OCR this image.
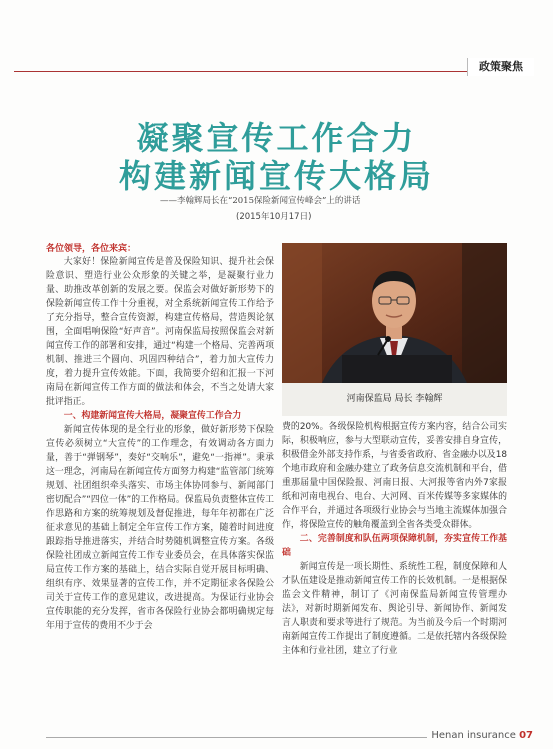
政策聚焦
凝聚宣传工作合力
构建新闻宣传大格局
——李翰辉局长在“2015保险新闻宣传峰会”上的讲话
(2015年10月17日)
各位领导，各位来宾：

大家好！保险新闻宣传是普及保险知识、提升社会保险意识、塑造行业公众形象的关键之举，是凝聚行业力量、助推改革创新的发展之要。保监会对做好新形势下的保险新闻宣传工作十分重视，对全系统新闻宣传工作给予了充分指导，整合宣传资源，构建宣传格局，营造舆论氛围，全面唱响保险“好声音”。河南保监局按照保监会对新闻宣传工作的部署和安排，通过“构建一个格局、完善两项机制、推进三个圆向、巩固四种结合”，着力加大宣传力度，着力提升宣传效能。下面，我简要介绍和汇报一下河南局在新闻宣传工作方面的做法和体会，不当之处请大家批评指正。

一、构建新闻宣传大格局，凝聚宣传工作合力

新闻宣传体现的是全行业的形象，做好新形势下保险宣传必须树立“大宣传”的工作理念，有效调动各方面力量，善于“弹钢琴”，奏好“交响乐”，避免“一指禅”。秉承这一理念，河南局在新闻宣传方面努力构建“监管部门统筹规划、社团组织牵头落实、市场主体协同参与、新闻部门密切配合”“四位一体”的工作格局。保监局负责整体宣传工作思路和方案的统筹规划及督促推进，每年年初都在广泛征求意见的基础上制定全年宣传工作方案，随着时间进度跟踪指导推进落实，并结合时势随机调整宣传方案。各级保险社团成立新闻宣传工作专业委员会，在具体落实保监局宣传工作方案的基础上，结合实际自觉开展目标明确、组织有序、效果显著的宣传工作，并不定期征求各保险公司关于宣传工作的意见建议，改进提高。为保证行业协会宣传职能的充分发挥，省市各保险行业协会都明确规定每年用于宣传的费用不少于会

河南保监局 局长 李翰辉

费的20%。各级保险机构根据宣传方案内容，结合公司实际，积极响应，参与大型联动宣传，妥善安排自身宣传，积极借金外部支持作系，与省委省政府、省金融办以及18个地市政府和金融办建立了政务信息交流机制和平台，借重那届量中国保险报、河南日报、大河报等省内外7家报纸和河南电视台、电台、大河网、百米传媒等多家媒体的合作平台，并通过各项级行业协会与当地主流媒体加强合作，将保险宣传的触角覆盖到全省各类受众群体。

二、完善制度和队伍两项保障机制，夯实宣传工作基础

新闻宣传是一项长期性、系统性工程，制度保障和人才队伍建设是推动新闻宣传工作的长效机制。一是根据保监会文件精神，制订了《河南保监局新闻宣传管理办法》，对新时期新闻发布、舆论引导、新闻协作、新闻发言人职责和要求等进行了规范。为当前及今后一个时期河南新闻宣传工作提出了制度遵循。二是依托辖内各级保险主体和行业社团，建立了行业

Henan insurance 07
